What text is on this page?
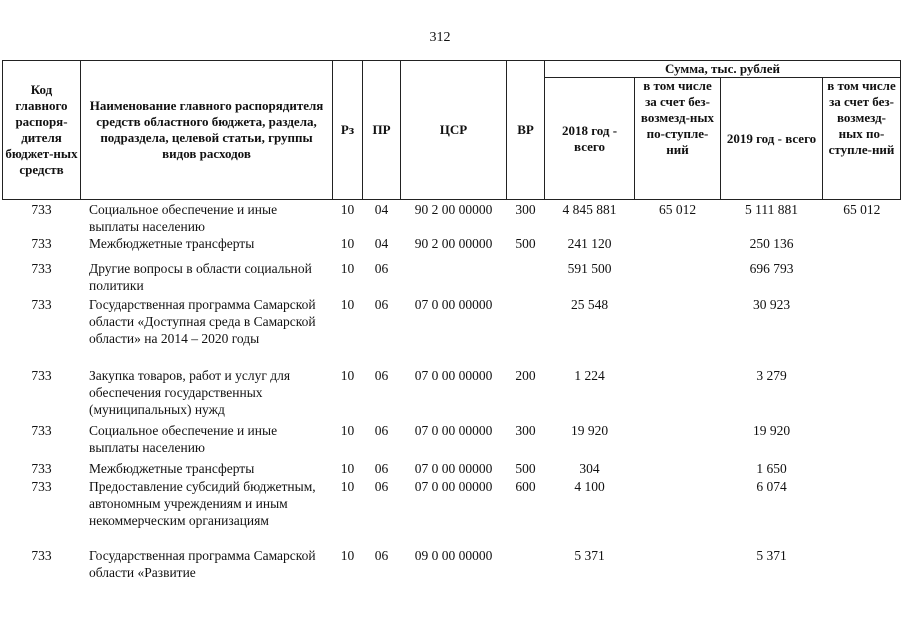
312
Код главного распоря-дителя бюджет-ных средств	Наименование главного распорядителя средств областного бюджета, раздела, подраздела, целевой статьи, группы видов расходов	Рз	ПР	ЦСР	ВР	Сумма, тыс. рублей			
						2018 год - всего	в том числе за счет без-возмезд-ных по-ступле-ний	2019 год - всего	в том числе за счет без-возмезд-ных по-ступле-ний
733	Социальное обеспечение и иные выплаты населению	10	04	90 2 00 00000	300	4 845 881	65 012	5 111 881	65 012
733	Межбюджетные трансферты	10	04	90 2 00 00000	500	241 120		250 136	
733	Другие вопросы в области социальной политики	10	06			591 500		696 793	
733	Государственная программа Самарской области «Доступная среда в Самарской области» на 2014 – 2020 годы	10	06	07 0 00 00000		25 548		30 923	
733	Закупка товаров, работ и услуг для обеспечения государственных (муниципальных) нужд	10	06	07 0 00 00000	200	1 224		3 279	
733	Социальное обеспечение и иные выплаты населению	10	06	07 0 00 00000	300	19 920		19 920	
733	Межбюджетные трансферты	10	06	07 0 00 00000	500	304		1 650	
733	Предоставление субсидий бюджетным, автономным учреждениям и иным некоммерческим организациям	10	06	07 0 00 00000	600	4 100		6 074	
733	Государственная программа Самарской области «Развитие	10	06	09 0 00 00000		5 371		5 371	
